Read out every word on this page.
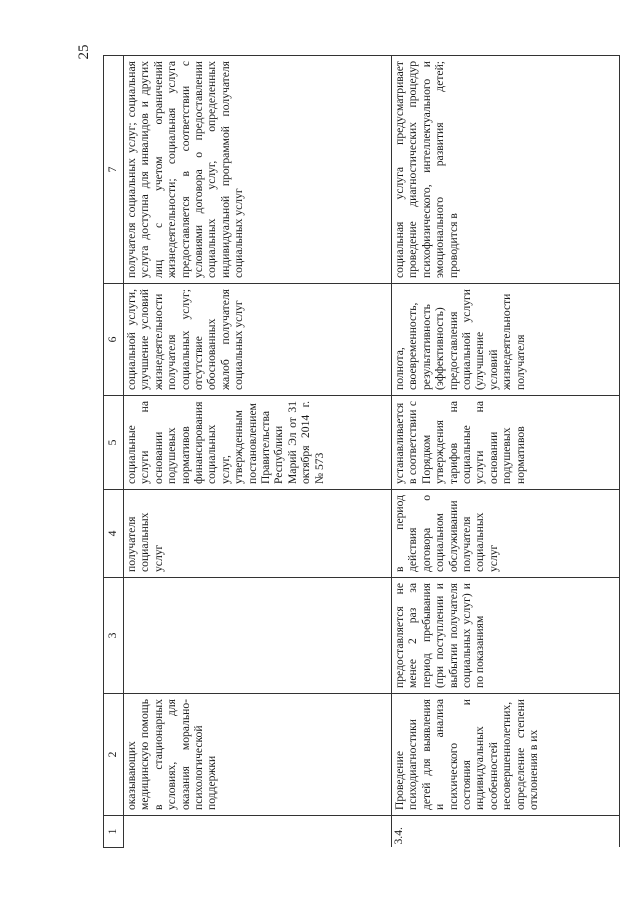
25
1	2	3	4	5	6	7
	оказывающих медицинскую помощь в стационарных условиях, для оказания морально-психологической поддержки		получателя социальных услуг	социальные услуги на основании подушевых нормативов финансирования социальных услуг, утвержденным постановлением Правительства Республики Марий Эл от 31 октября 2014 г. № 573	социальной услуги, улучшение условий жизнедеятельности получателя социальных услуг; отсутствие обоснованных жалоб получателя социальных услуг	получателя социальных услуг; социальная услуга доступна для инвалидов и других лиц с учетом ограничений жизнедеятельности; социальная услуга предоставляется в соответствии с условиями договора о предоставлении социальных услуг, определенных индивидуальной программой получателя социальных услуг
3.4.	Проведение психодиагностики детей для выявления и анализа психического состояния и индивидуальных особенностей несовершеннолетних, определение степени отклонения в их	предоставляется не менее 2 раз за период пребывания (при поступлении и выбытии получателя социальных услуг) и по показаниям	в период действия договора о социальном обслуживании получателя социальных услуг	устанавливается в соответствии с Порядком утверждения тарифов на социальные услуги на основании подушевых нормативов	полнота, своевременность, результативность (эффективность) предоставления социальной услуги (улучшение условий жизнедеятельности получателя	социальная услуга предусматривает проведение диагностических процедур психофизического, интеллектуального и эмоционального развития детей; проводится в
